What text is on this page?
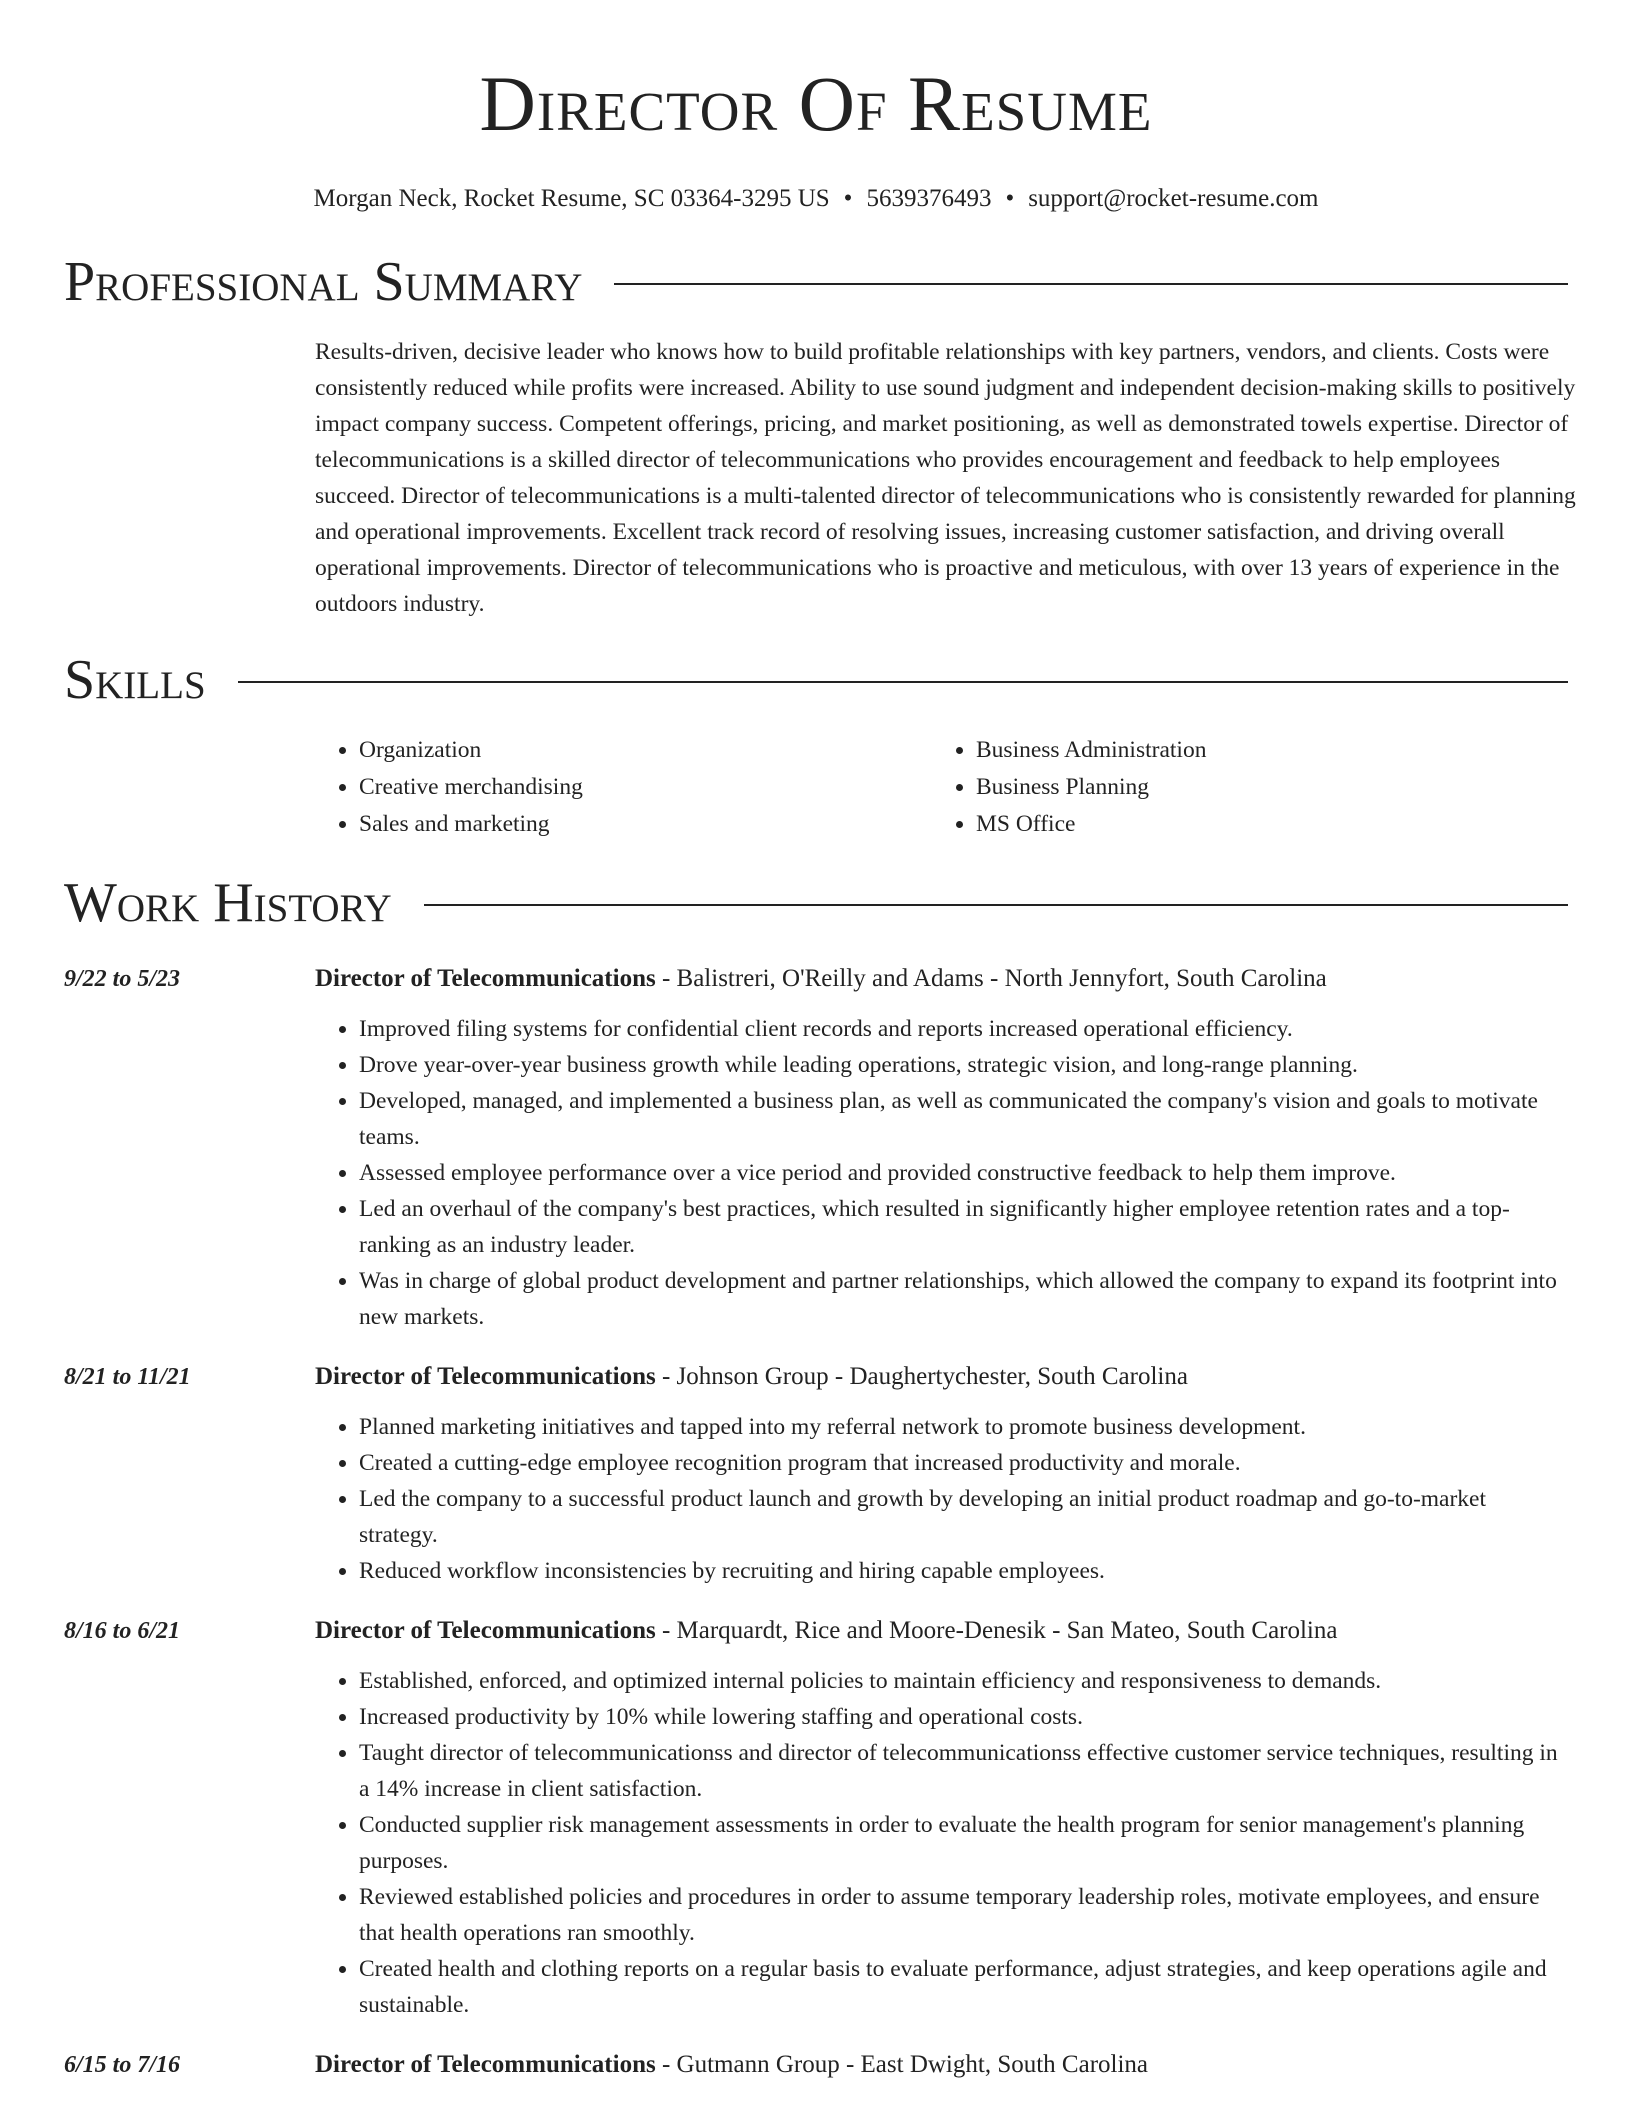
Director Of Resume
Morgan Neck, Rocket Resume, SC 03364-3295 US • 5639376493 • support@rocket-resume.com
Professional Summary
Results-driven, decisive leader who knows how to build profitable relationships with key partners, vendors, and clients. Costs were consistently reduced while profits were increased. Ability to use sound judgment and independent decision-making skills to positively impact company success. Competent offerings, pricing, and market positioning, as well as demonstrated towels expertise. Director of telecommunications is a skilled director of telecommunications who provides encouragement and feedback to help employees succeed. Director of telecommunications is a multi-talented director of telecommunications who is consistently rewarded for planning and operational improvements. Excellent track record of resolving issues, increasing customer satisfaction, and driving overall operational improvements. Director of telecommunications who is proactive and meticulous, with over 13 years of experience in the outdoors industry.
Skills
• Organization
• Creative merchandising
• Sales and marketing
• Business Administration
• Business Planning
• MS Office
Work History
9/22 to 5/23	Director of Telecommunications - Balistreri, O'Reilly and Adams - North Jennyfort, South Carolina
• Improved filing systems for confidential client records and reports increased operational efficiency.
• Drove year-over-year business growth while leading operations, strategic vision, and long-range planning.
• Developed, managed, and implemented a business plan, as well as communicated the company's vision and goals to motivate teams.
• Assessed employee performance over a vice period and provided constructive feedback to help them improve.
• Led an overhaul of the company's best practices, which resulted in significantly higher employee retention rates and a top-ranking as an industry leader.
• Was in charge of global product development and partner relationships, which allowed the company to expand its footprint into new markets.
8/21 to 11/21	Director of Telecommunications - Johnson Group - Daughertychester, South Carolina
• Planned marketing initiatives and tapped into my referral network to promote business development.
• Created a cutting-edge employee recognition program that increased productivity and morale.
• Led the company to a successful product launch and growth by developing an initial product roadmap and go-to-market strategy.
• Reduced workflow inconsistencies by recruiting and hiring capable employees.
8/16 to 6/21	Director of Telecommunications - Marquardt, Rice and Moore-Denesik - San Mateo, South Carolina
• Established, enforced, and optimized internal policies to maintain efficiency and responsiveness to demands.
• Increased productivity by 10% while lowering staffing and operational costs.
• Taught director of telecommunicationss and director of telecommunicationss effective customer service techniques, resulting in a 14% increase in client satisfaction.
• Conducted supplier risk management assessments in order to evaluate the health program for senior management's planning purposes.
• Reviewed established policies and procedures in order to assume temporary leadership roles, motivate employees, and ensure that health operations ran smoothly.
• Created health and clothing reports on a regular basis to evaluate performance, adjust strategies, and keep operations agile and sustainable.
6/15 to 7/16	Director of Telecommunications - Gutmann Group - East Dwight, South Carolina
